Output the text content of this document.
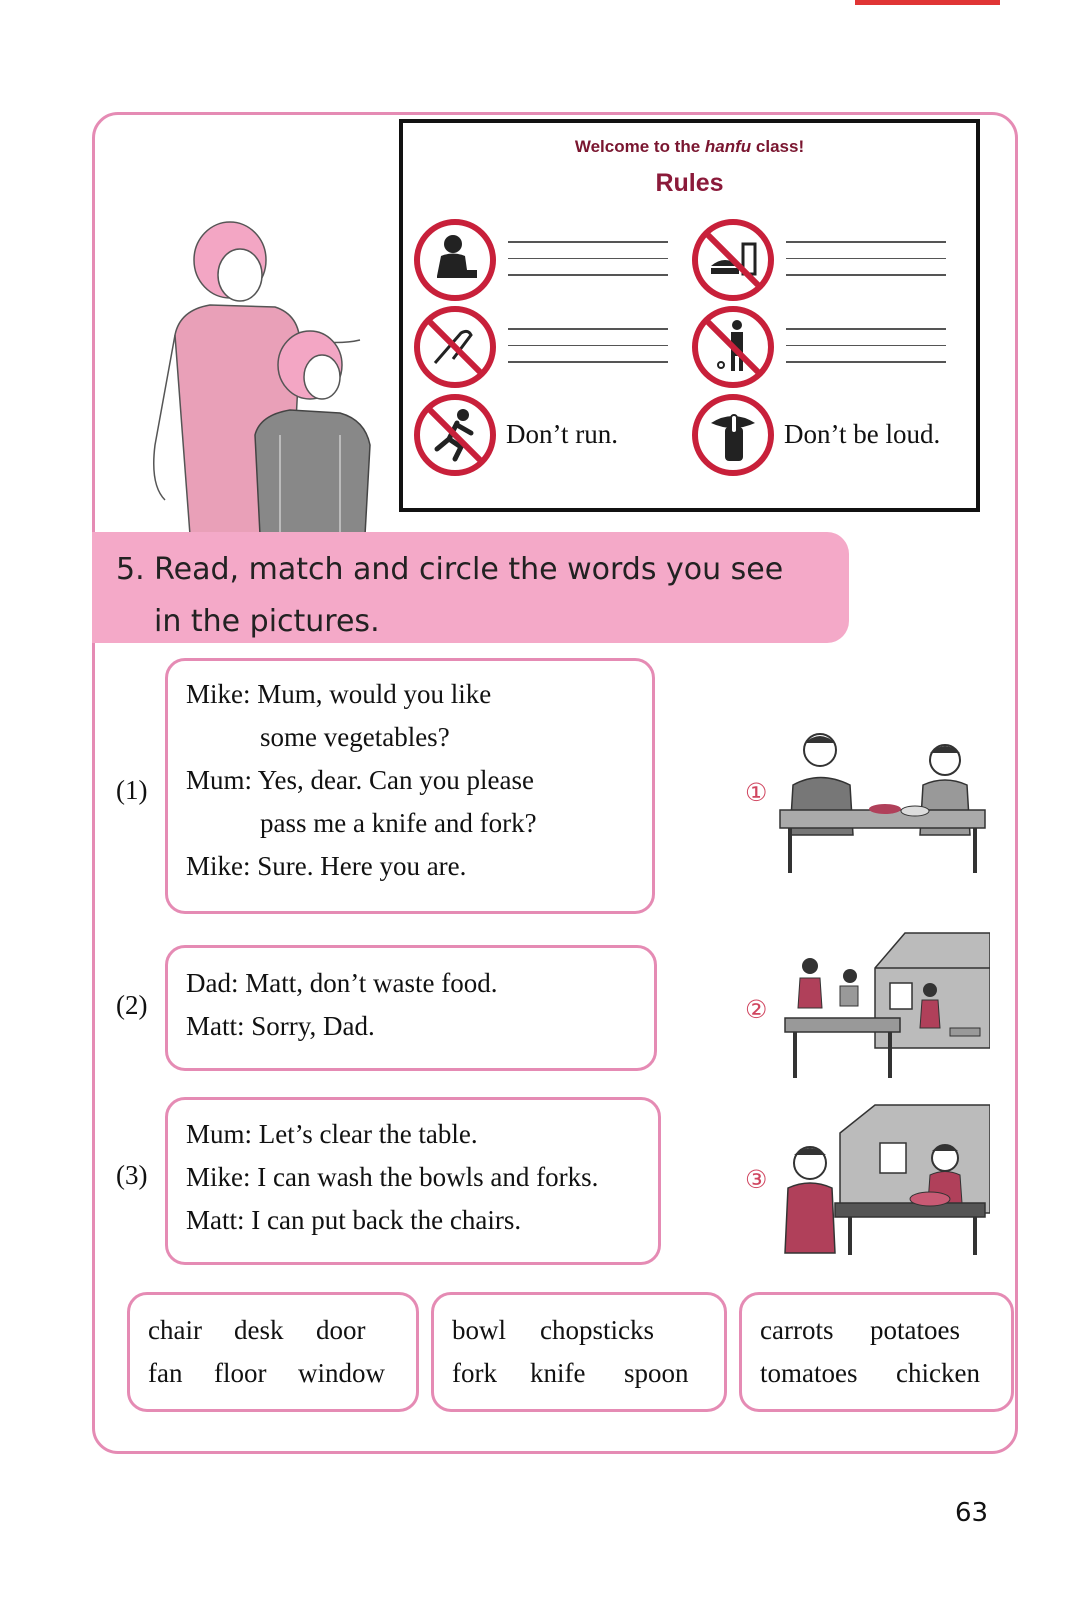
Welcome to the hanfu class!
Rules
Don’t run.	Don’t be loud.
5. Read, match and circle the words you see
in the pictures.
(1)
Mike: Mum, would you like
some vegetables?
Mum: Yes, dear. Can you please
pass me a knife and fork?
Mike: Sure. Here you are.
(2)
Dad: Matt, don’t waste food.
Matt: Sorry, Dad.
(3)
Mum: Let’s clear the table.
Mike: I can wash the bowls and forks.
Matt: I can put back the chairs.
①
②
③
chair desk door
fan floor window
bowl chopsticks
fork knife spoon
carrots potatoes
tomatoes chicken
63
